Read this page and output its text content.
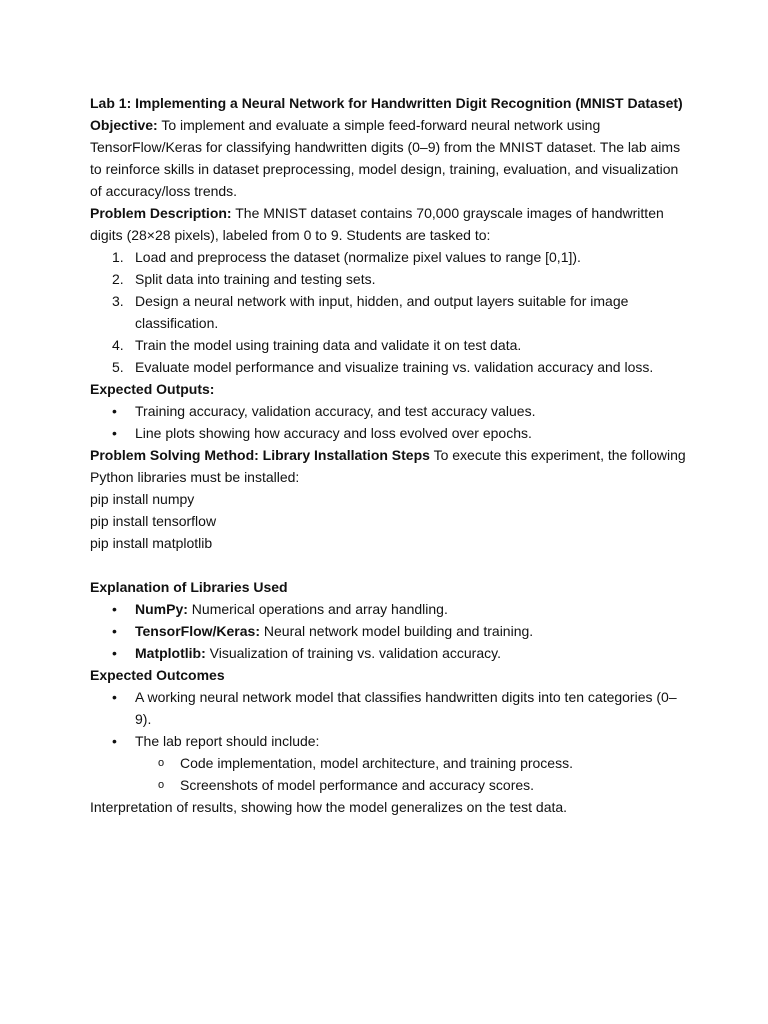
Lab 1: Implementing a Neural Network for Handwritten Digit Recognition (MNIST Dataset)

Objective: To implement and evaluate a simple feed-forward neural network using TensorFlow/Keras for classifying handwritten digits (0–9) from the MNIST dataset. The lab aims to reinforce skills in dataset preprocessing, model design, training, evaluation, and visualization of accuracy/loss trends.

Problem Description: The MNIST dataset contains 70,000 grayscale images of handwritten digits (28×28 pixels), labeled from 0 to 9. Students are tasked to:

1. Load and preprocess the dataset (normalize pixel values to range [0,1]).
2. Split data into training and testing sets.
3. Design a neural network with input, hidden, and output layers suitable for image classification.
4. Train the model using training data and validate it on test data.
5. Evaluate model performance and visualize training vs. validation accuracy and loss.

Expected Outputs:

• Training accuracy, validation accuracy, and test accuracy values.
• Line plots showing how accuracy and loss evolved over epochs.

Problem Solving Method: Library Installation Steps To execute this experiment, the following Python libraries must be installed:

pip install numpy

pip install tensorflow

pip install matplotlib

Explanation of Libraries Used

• NumPy: Numerical operations and array handling.
• TensorFlow/Keras: Neural network model building and training.
• Matplotlib: Visualization of training vs. validation accuracy.

Expected Outcomes

• A working neural network model that classifies handwritten digits into ten categories (0–9).
• The lab report should include:
o Code implementation, model architecture, and training process.
o Screenshots of model performance and accuracy scores.

Interpretation of results, showing how the model generalizes on the test data.
